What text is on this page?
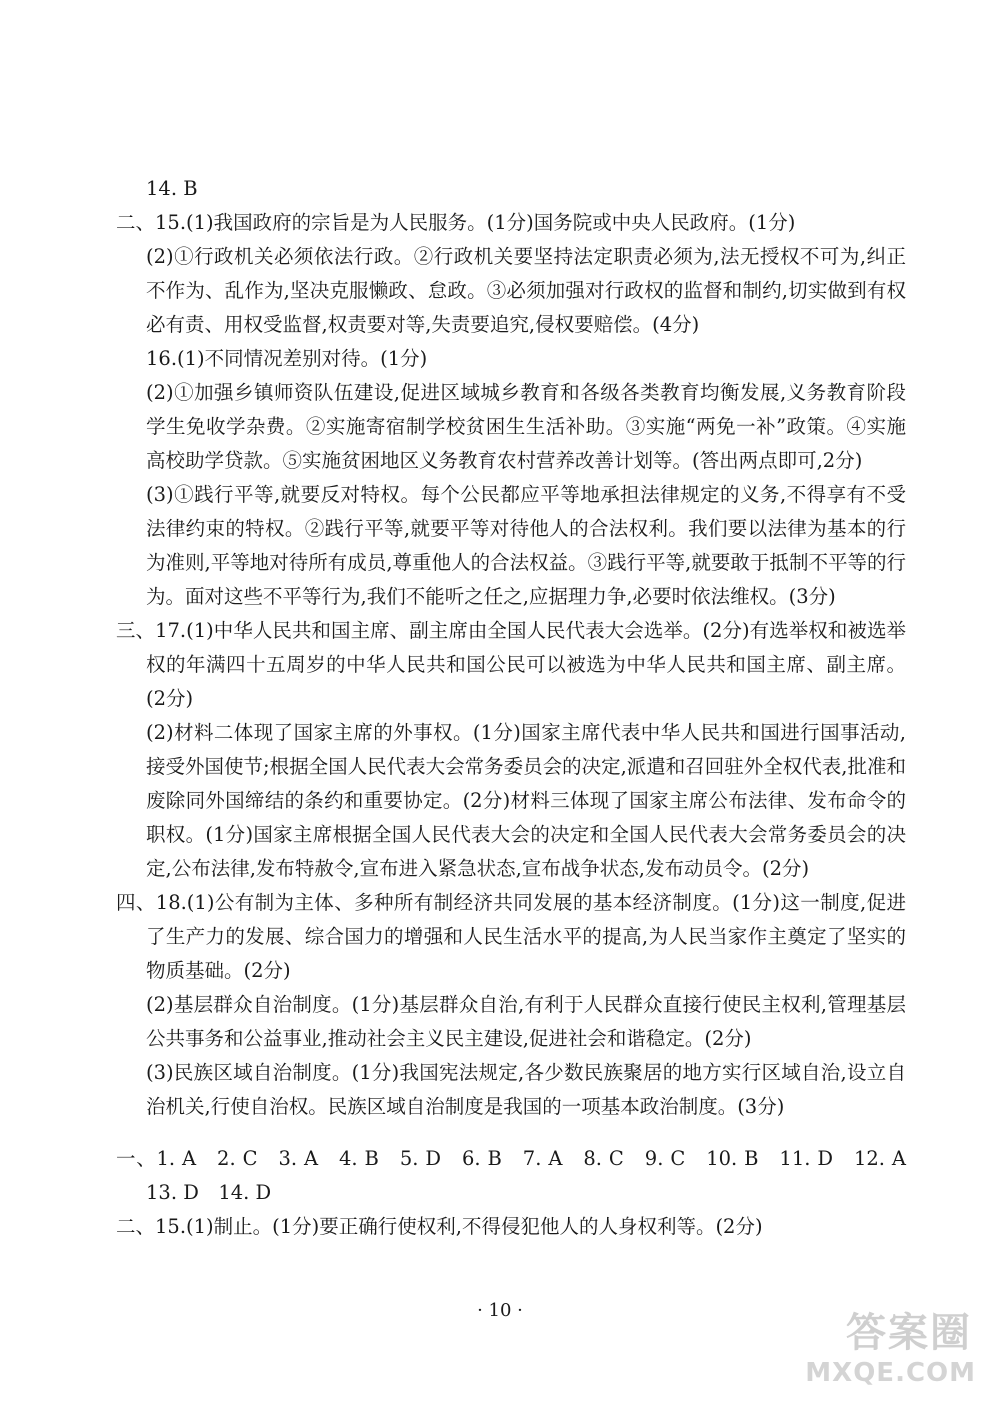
14. B

二、15.(1)我国政府的宗旨是为人民服务。(1分)国务院或中央人民政府。(1分)

(2)①行政机关必须依法行政。②行政机关要坚持法定职责必须为,法无授权不可为,纠正不作为、乱作为,坚决克服懒政、怠政。③必须加强对行政权的监督和制约,切实做到有权必有责、用权受监督,权责要对等,失责要追究,侵权要赔偿。(4分)

16.(1)不同情况差别对待。(1分)

(2)①加强乡镇师资队伍建设,促进区域城乡教育和各级各类教育均衡发展,义务教育阶段学生免收学杂费。②实施寄宿制学校贫困生生活补助。③实施“两免一补”政策。④实施高校助学贷款。⑤实施贫困地区义务教育农村营养改善计划等。(答出两点即可,2分)

(3)①践行平等,就要反对特权。每个公民都应平等地承担法律规定的义务,不得享有不受法律约束的特权。②践行平等,就要平等对待他人的合法权利。我们要以法律为基本的行为准则,平等地对待所有成员,尊重他人的合法权益。③践行平等,就要敢于抵制不平等的行为。面对这些不平等行为,我们不能听之任之,应据理力争,必要时依法维权。(3分)

三、17.(1)中华人民共和国主席、副主席由全国人民代表大会选举。(2分)有选举权和被选举权的年满四十五周岁的中华人民共和国公民可以被选为中华人民共和国主席、副主席。(2分)

(2)材料二体现了国家主席的外事权。(1分)国家主席代表中华人民共和国进行国事活动,接受外国使节;根据全国人民代表大会常务委员会的决定,派遣和召回驻外全权代表,批准和废除同外国缔结的条约和重要协定。(2分)材料三体现了国家主席公布法律、发布命令的职权。(1分)国家主席根据全国人民代表大会的决定和全国人民代表大会常务委员会的决定,公布法律,发布特赦令,宣布进入紧急状态,宣布战争状态,发布动员令。(2分)

四、18.(1)公有制为主体、多种所有制经济共同发展的基本经济制度。(1分)这一制度,促进了生产力的发展、综合国力的增强和人民生活水平的提高,为人民当家作主奠定了坚实的物质基础。(2分)

(2)基层群众自治制度。(1分)基层群众自治,有利于人民群众直接行使民主权利,管理基层公共事务和公益事业,推动社会主义民主建设,促进社会和谐稳定。(2分)

(3)民族区域自治制度。(1分)我国宪法规定,各少数民族聚居的地方实行区域自治,设立自治机关,行使自治权。民族区域自治制度是我国的一项基本政治制度。(3分)

一、1. A　2. C　3. A　4. B　5. D　6. B　7. A　8. C　9. C　10. B　11. D　12. A　13. D　14. D

二、15.(1)制止。(1分)要正确行使权利,不得侵犯他人的人身权利等。(2分)

· 10 ·	答案圈
MXQE.COM
